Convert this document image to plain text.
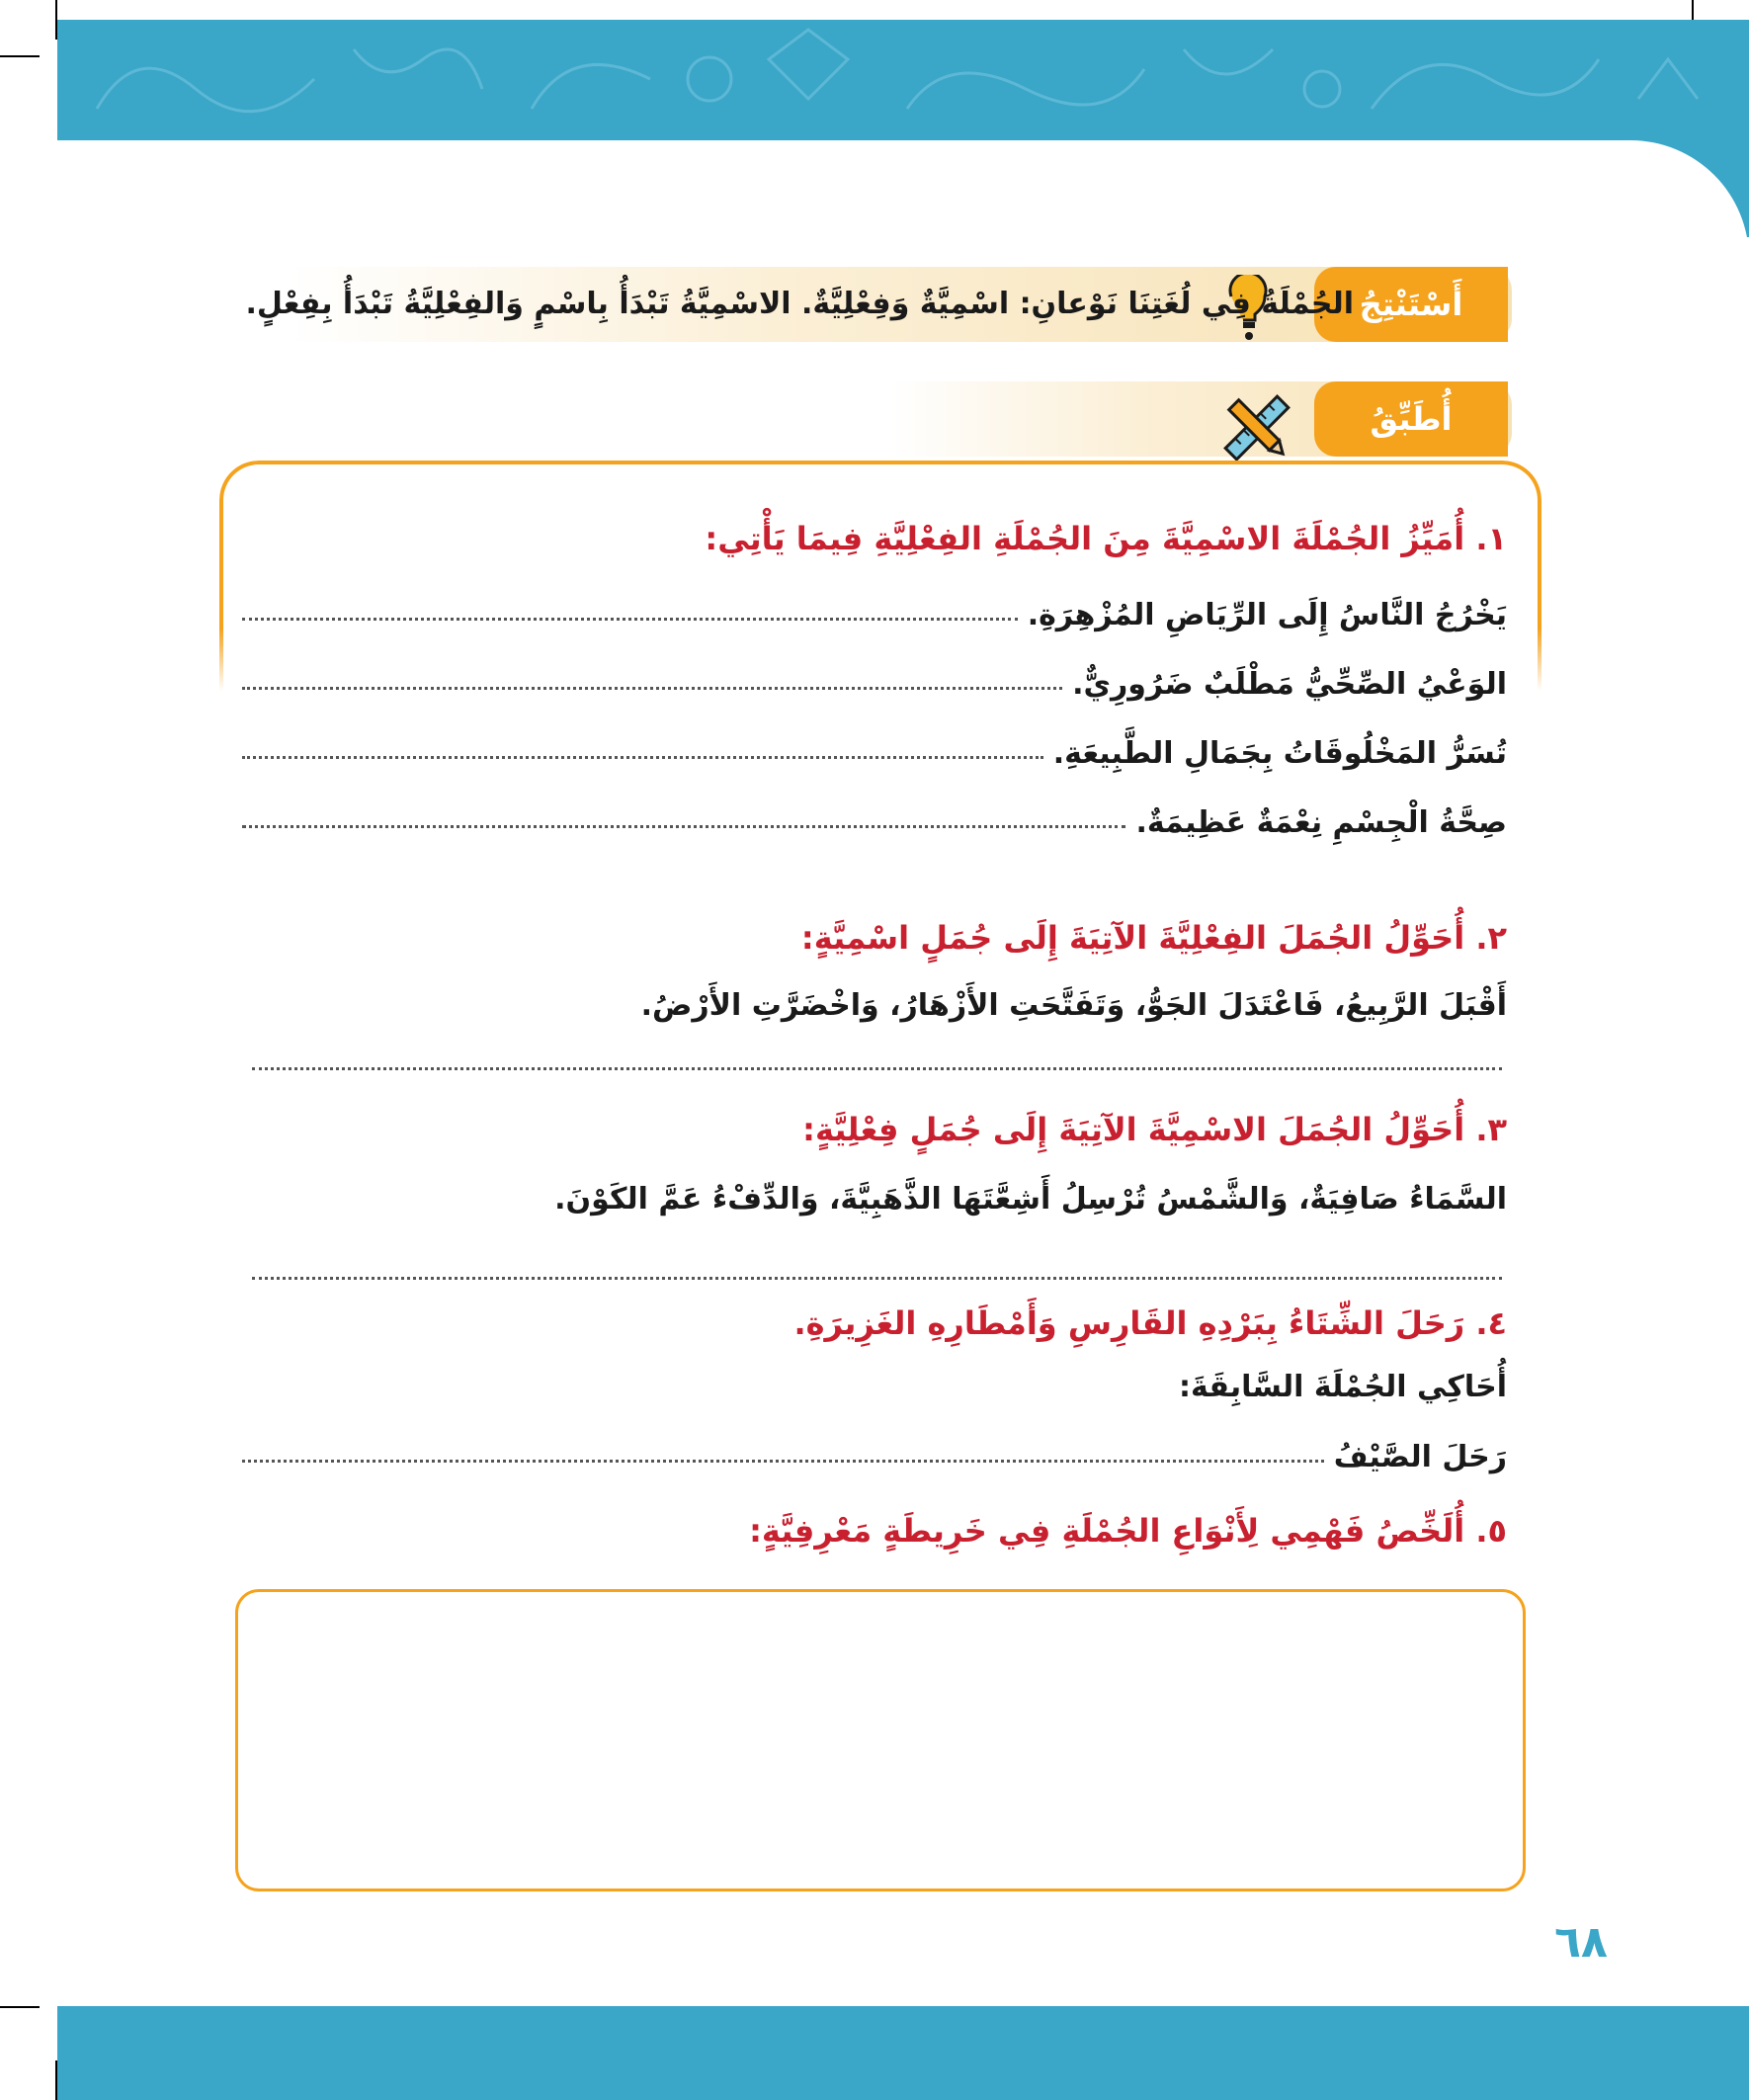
أَسْتَنْتِجُ
الجُمْلَةُ فِي لُغَتِنَا نَوْعانِ: اسْمِيَّةٌ وَفِعْلِيَّةٌ. الاسْمِيَّةُ تَبْدَأُ بِاسْمٍ وَالفِعْلِيَّةُ تَبْدَأُ بِفِعْلٍ.
أُطَبِّقُ
١. أُمَيِّزُ الجُمْلَةَ الاسْمِيَّةَ مِنَ الجُمْلَةِ الفِعْلِيَّةِ فِيمَا يَأْتِي:
يَخْرُجُ النَّاسُ إِلَى الرِّيَاضِ المُزْهِرَةِ.
الوَعْيُ الصِّحِّيُّ مَطْلَبٌ ضَرُورِيٌّ.
تُسَرُّ المَخْلُوقَاتُ بِجَمَالِ الطَّبِيعَةِ.
صِحَّةُ الْجِسْمِ نِعْمَةٌ عَظِيمَةٌ.
٢. أُحَوِّلُ الجُمَلَ الفِعْلِيَّةَ الآتِيَةَ إِلَى جُمَلٍ اسْمِيَّةٍ:
أَقْبَلَ الرَّبِيعُ، فَاعْتَدَلَ الجَوُّ، وَتَفَتَّحَتِ الأَزْهَارُ، وَاخْضَرَّتِ الأَرْضُ.
٣. أُحَوِّلُ الجُمَلَ الاسْمِيَّةَ الآتِيَةَ إِلَى جُمَلٍ فِعْلِيَّةٍ:
السَّمَاءُ صَافِيَةٌ، وَالشَّمْسُ تُرْسِلُ أَشِعَّتَهَا الذَّهَبِيَّةَ، وَالدِّفْءُ عَمَّ الكَوْنَ.
٤. رَحَلَ الشِّتَاءُ بِبَرْدِهِ القَارِسِ وَأَمْطَارِهِ الغَزِيرَةِ.
أُحَاكِي الجُمْلَةَ السَّابِقَةَ:
رَحَلَ الصَّيْفُ
٥. أُلَخِّصُ فَهْمِي لِأَنْوَاعِ الجُمْلَةِ فِي خَرِيطَةٍ مَعْرِفِيَّةٍ:
٦٨
